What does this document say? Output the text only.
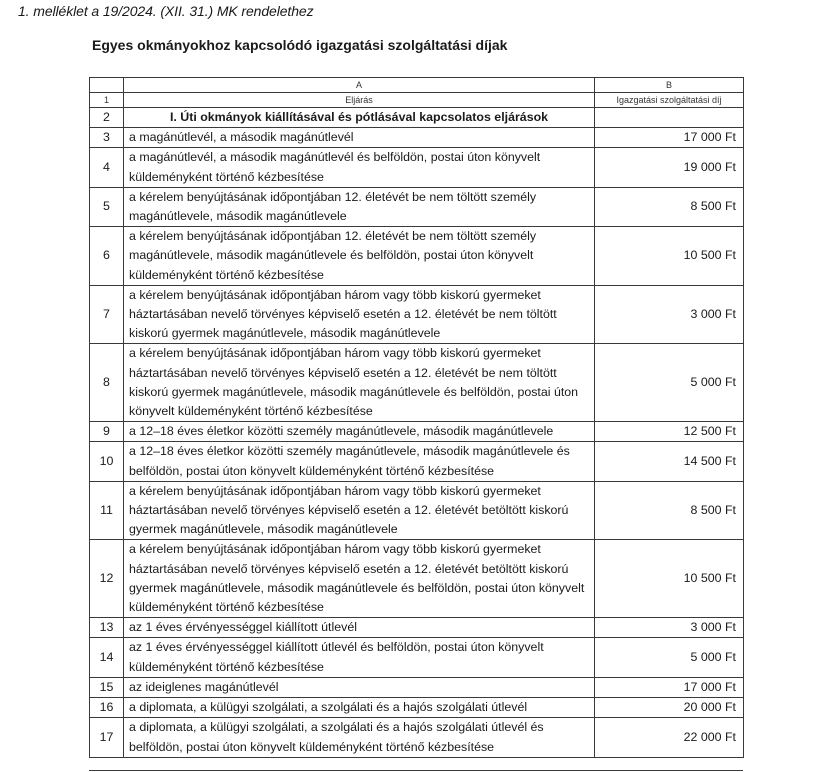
1. melléklet a 19/2024. (XII. 31.) MK rendelethez
Egyes okmányokhoz kapcsolódó igazgatási szolgáltatási díjak
	A	B
1	Eljárás	Igazgatási szolgáltatási díj
2	I. Úti okmányok kiállításával és pótlásával kapcsolatos eljárások	
3	a magánútlevél, a második magánútlevél	17 000 Ft
4	a magánútlevél, a második magánútlevél és belföldön, postai úton könyvelt küldeményként történő kézbesítése	19 000 Ft
5	a kérelem benyújtásának időpontjában 12. életévét be nem töltött személy magánútlevele, második magánútlevele	8 500 Ft
6	a kérelem benyújtásának időpontjában 12. életévét be nem töltött személy magánútlevele, második magánútlevele és belföldön, postai úton könyvelt küldeményként történő kézbesítése	10 500 Ft
7	a kérelem benyújtásának időpontjában három vagy több kiskorú gyermeket háztartásában nevelő törvényes képviselő esetén a 12. életévét be nem töltött kiskorú gyermek magánútlevele, második magánútlevele	3 000 Ft
8	a kérelem benyújtásának időpontjában három vagy több kiskorú gyermeket háztartásában nevelő törvényes képviselő esetén a 12. életévét be nem töltött kiskorú gyermek magánútlevele, második magánútlevele és belföldön, postai úton könyvelt küldeményként történő kézbesítése	5 000 Ft
9	a 12–18 éves életkor közötti személy magánútlevele, második magánútlevele	12 500 Ft
10	a 12–18 éves életkor közötti személy magánútlevele, második magánútlevele és belföldön, postai úton könyvelt küldeményként történő kézbesítése	14 500 Ft
11	a kérelem benyújtásának időpontjában három vagy több kiskorú gyermeket háztartásában nevelő törvényes képviselő esetén a 12. életévét betöltött kiskorú gyermek magánútlevele, második magánútlevele	8 500 Ft
12	a kérelem benyújtásának időpontjában három vagy több kiskorú gyermeket háztartásában nevelő törvényes képviselő esetén a 12. életévét betöltött kiskorú gyermek magánútlevele, második magánútlevele és belföldön, postai úton könyvelt küldeményként történő kézbesítése	10 500 Ft
13	az 1 éves érvényességgel kiállított útlevél	3 000 Ft
14	az 1 éves érvényességgel kiállított útlevél és belföldön, postai úton könyvelt küldeményként történő kézbesítése	5 000 Ft
15	az ideiglenes magánútlevél	17 000 Ft
16	a diplomata, a külügyi szolgálati, a szolgálati és a hajós szolgálati útlevél	20 000 Ft
17	a diplomata, a külügyi szolgálati, a szolgálati és a hajós szolgálati útlevél és belföldön, postai úton könyvelt küldeményként történő kézbesítése	22 000 Ft
